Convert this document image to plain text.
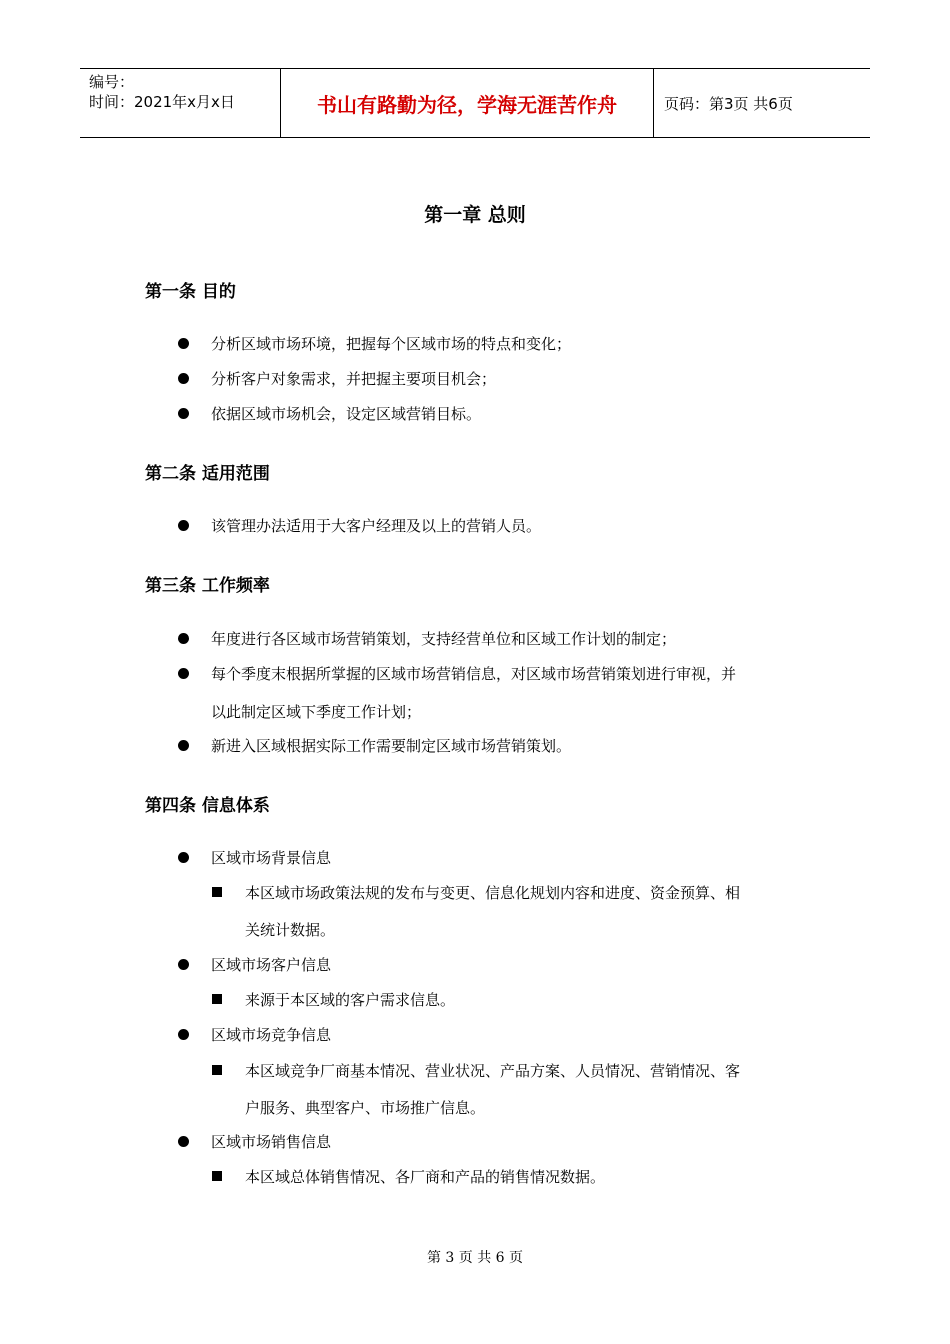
编号：
时间：2021年x月x日	书山有路勤为径，学海无涯苦作舟	页码：第3页 共6页
第一章 总则
第一条 目的
分析区域市场环境，把握每个区域市场的特点和变化；
分析客户对象需求，并把握主要项目机会；
依据区域市场机会，设定区域营销目标。
第二条 适用范围
该管理办法适用于大客户经理及以上的营销人员。
第三条 工作频率
年度进行各区域市场营销策划，支持经营单位和区域工作计划的制定；
每个季度末根据所掌握的区域市场营销信息，对区域市场营销策划进行审视，并
以此制定区域下季度工作计划；
新进入区域根据实际工作需要制定区域市场营销策划。
第四条 信息体系
区域市场背景信息
本区域市场政策法规的发布与变更、信息化规划内容和进度、资金预算、相
关统计数据。
区域市场客户信息
来源于本区域的客户需求信息。
区域市场竞争信息
本区域竞争厂商基本情况、营业状况、产品方案、人员情况、营销情况、客
户服务、典型客户、市场推广信息。
区域市场销售信息
本区域总体销售情况、各厂商和产品的销售情况数据。
第 3 页 共 6 页
